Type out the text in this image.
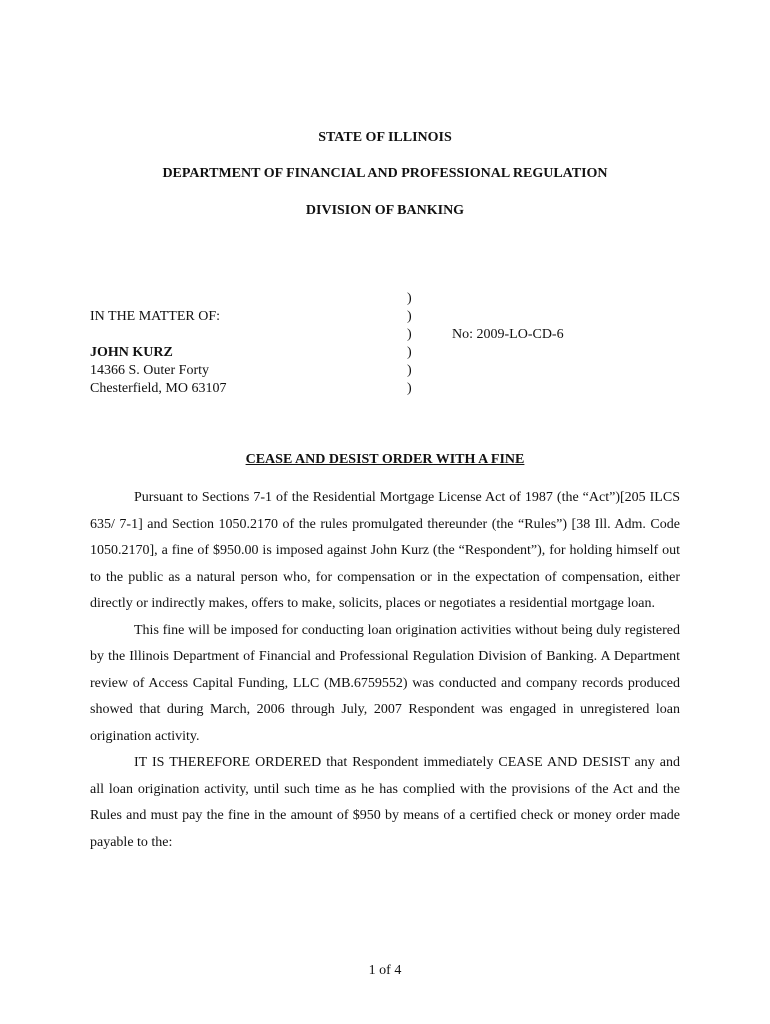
STATE OF ILLINOIS
DEPARTMENT OF FINANCIAL AND PROFESSIONAL REGULATION
DIVISION OF BANKING
IN THE MATTER OF:
JOHN KURZ
14366 S. Outer Forty
Chesterfield, MO 63107
)
)
)
)
)
)
No: 2009-LO-CD-6
CEASE AND DESIST ORDER WITH A FINE

Pursuant to Sections 7-1 of the Residential Mortgage License Act of 1987 (the “Act”)[205 ILCS 635/ 7-1] and Section 1050.2170 of the rules promulgated thereunder (the “Rules”) [38 Ill. Adm. Code 1050.2170], a fine of $950.00 is imposed against John Kurz (the “Respondent”), for holding himself out to the public as a natural person who, for compensation or in the expectation of compensation, either directly or indirectly makes, offers to make, solicits, places or negotiates a residential mortgage loan.

This fine will be imposed for conducting loan origination activities without being duly registered by the Illinois Department of Financial and Professional Regulation Division of Banking. A Department review of Access Capital Funding, LLC (MB.6759552) was conducted and company records produced showed that during March, 2006 through July, 2007 Respondent was engaged in unregistered loan origination activity.

IT IS THEREFORE ORDERED that Respondent immediately CEASE AND DESIST any and all loan origination activity, until such time as he has complied with the provisions of the Act and the Rules and must pay the fine in the amount of $950 by means of a certified check or money order made payable to the:

1 of 4
